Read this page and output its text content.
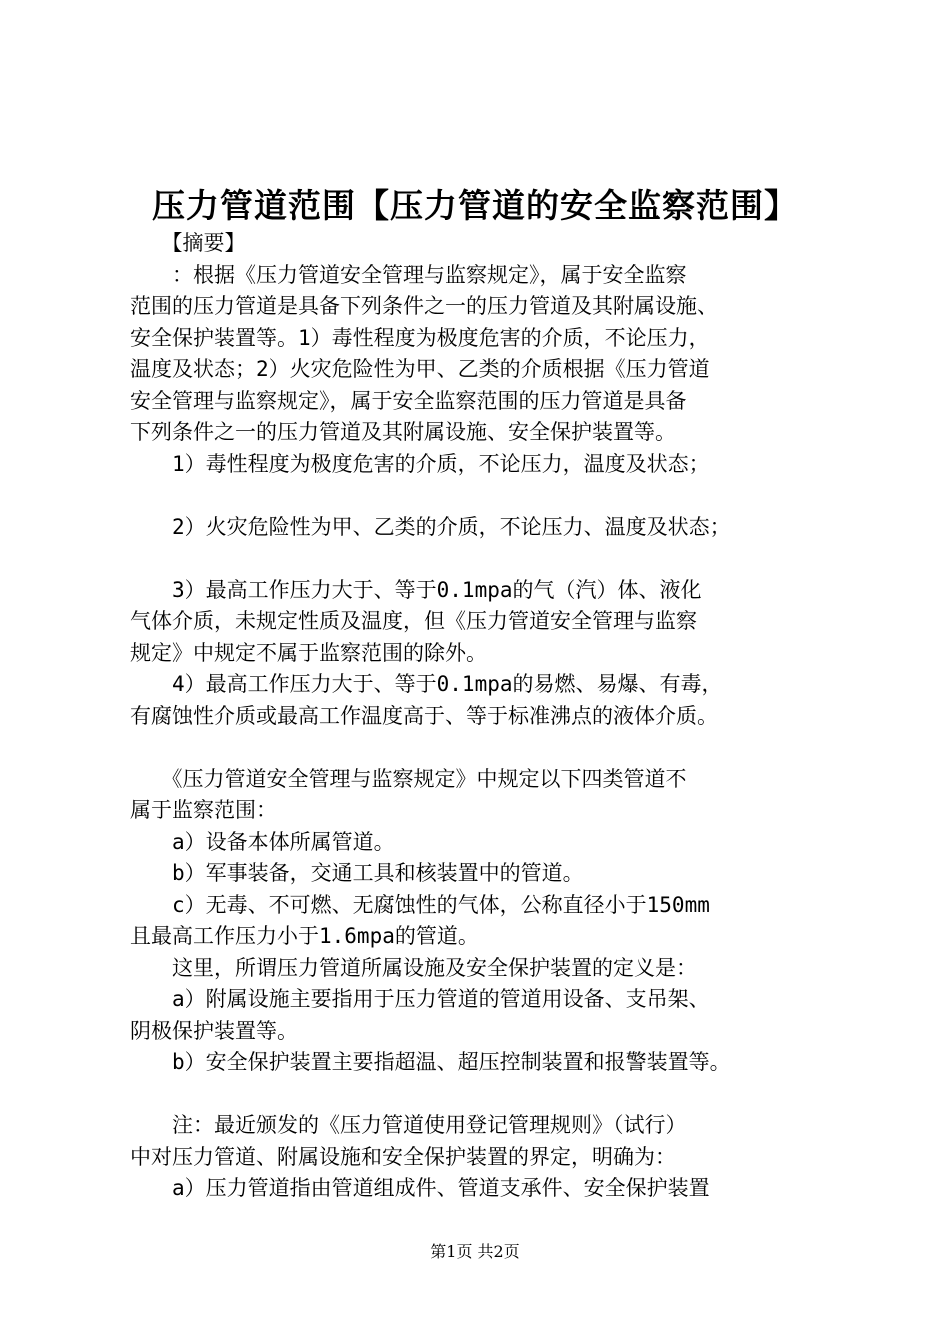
压力管道范围【压力管道的安全监察范围】
　　【摘要】
　　：根据《压力管道安全管理与监察规定》，属于安全监察
范围的压力管道是具备下列条件之一的压力管道及其附属设施、
安全保护装置等。1）毒性程度为极度危害的介质，不论压力，
温度及状态；2）火灾危险性为甲、乙类的介质根据《压力管道
安全管理与监察规定》，属于安全监察范围的压力管道是具备
下列条件之一的压力管道及其附属设施、安全保护装置等。
　　1）毒性程度为极度危害的介质，不论压力，温度及状态；
　　2）火灾危险性为甲、乙类的介质，不论压力、温度及状态；
　　3）最高工作压力大于、等于0.1mpa的气（汽）体、液化
气体介质，未规定性质及温度，但《压力管道安全管理与监察
规定》中规定不属于监察范围的除外。
　　4）最高工作压力大于、等于0.1mpa的易燃、易爆、有毒，
有腐蚀性介质或最高工作温度高于、等于标准沸点的液体介质。
　　《压力管道安全管理与监察规定》中规定以下四类管道不
属于监察范围：
　　a）设备本体所属管道。
　　b）军事装备，交通工具和核装置中的管道。
　　c）无毒、不可燃、无腐蚀性的气体，公称直径小于150mm
且最高工作压力小于1.6mpa的管道。
　　这里，所谓压力管道所属设施及安全保护装置的定义是：
　　a）附属设施主要指用于压力管道的管道用设备、支吊架、
阴极保护装置等。
　　b）安全保护装置主要指超温、超压控制装置和报警装置等。
　　注：最近颁发的《压力管道使用登记管理规则》（试行）
中对压力管道、附属设施和安全保护装置的界定，明确为：
　　a）压力管道指由管道组成件、管道支承件、安全保护装置
第1页 共2页
